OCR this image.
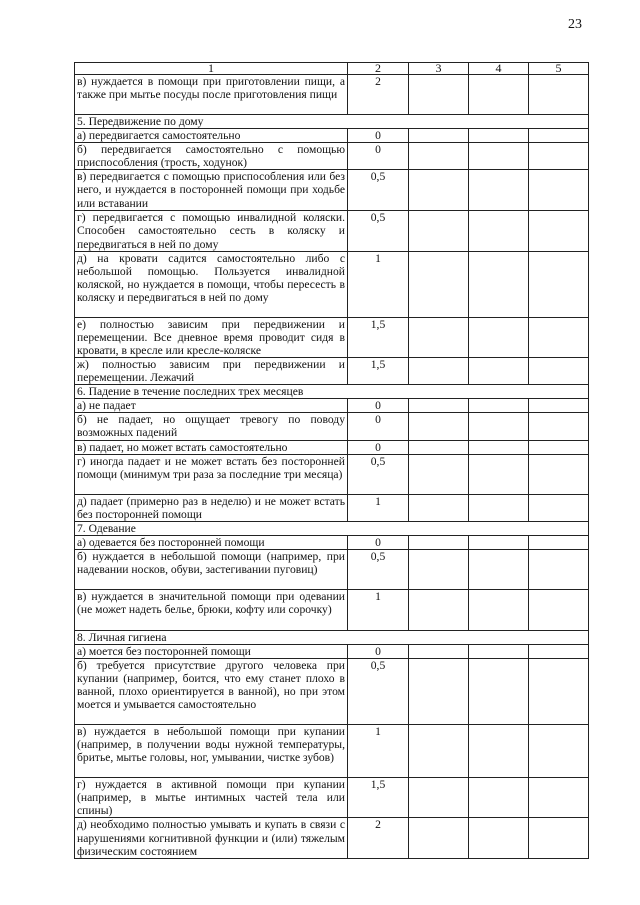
23
1	2	3	4	5
в) нуждается в помощи при приготовлении пищи, а также при мытье посуды после приготовления пищи	2			
5. Передвижение по дому				
а) передвигается самостоятельно	0			
б) передвигается самостоятельно с помощью приспособления (трость, ходунок)	0			
в) передвигается с помощью приспособления или без него, и нуждается в посторонней помощи при ходьбе или вставании	0,5			
г) передвигается с помощью инвалидной коляски. Способен самостоятельно сесть в коляску и передвигаться в ней по дому	0,5			
д) на кровати садится самостоятельно либо с небольшой помощью. Пользуется инвалидной коляской, но нуждается в помощи, чтобы пересесть в коляску и передвигаться в ней по дому	1			
е) полностью зависим при передвижении и перемещении. Все дневное время проводит сидя в кровати, в кресле или кресле-коляске	1,5			
ж) полностью зависим при передвижении и перемещении. Лежачий	1,5			
6. Падение в течение последних трех месяцев				
а) не падает	0			
б) не падает, но ощущает тревогу по поводу возможных падений	0			
в) падает, но может встать самостоятельно	0			
г) иногда падает и не может встать без посторонней помощи (минимум три раза за последние три месяца)	0,5			
д) падает (примерно раз в неделю) и не может встать без посторонней помощи	1			
7. Одевание				
а) одевается без посторонней помощи	0			
б) нуждается в небольшой помощи (например, при надевании носков, обуви, застегивании пуговиц)	0,5			
в) нуждается в значительной помощи при одевании (не может надеть белье, брюки, кофту или сорочку)	1			
8. Личная гигиена				
а) моется без посторонней помощи	0			
б) требуется присутствие другого человека при купании (например, боится, что ему станет плохо в ванной, плохо ориентируется в ванной), но при этом моется и умывается самостоятельно	0,5			
в) нуждается в небольшой помощи при купании (например, в получении воды нужной температуры, бритье, мытье головы, ног, умывании, чистке зубов)	1			
г) нуждается в активной помощи при купании (например, в мытье интимных частей тела или спины)	1,5			
д) необходимо полностью умывать и купать в связи с нарушениями когнитивной функции и (или) тяжелым физическим состоянием	2			
